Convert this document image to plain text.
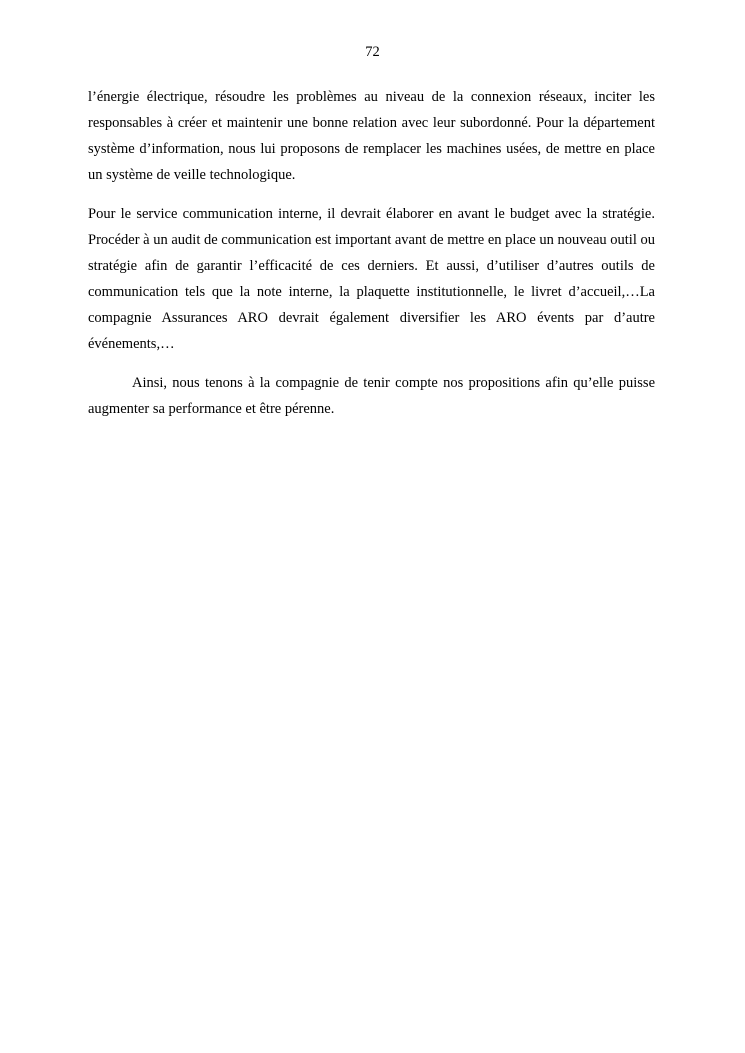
72

l’énergie électrique, résoudre les problèmes au niveau de la connexion réseaux, inciter les responsables à créer et maintenir une bonne relation avec leur subordonné. Pour la département système d’information, nous lui proposons de remplacer les machines usées, de mettre en place un système de veille technologique.

Pour le service communication interne, il devrait élaborer en avant le budget avec la stratégie. Procéder à un audit de communication est important avant de mettre en place un nouveau outil ou stratégie afin de garantir l’efficacité de ces derniers. Et aussi, d’utiliser d’autres outils de communication tels que la note interne, la plaquette institutionnelle, le livret d’accueil,…La compagnie Assurances ARO devrait également diversifier les ARO évents par d’autre événements,…

Ainsi, nous tenons à la compagnie de tenir compte nos propositions afin qu’elle puisse augmenter sa performance et être pérenne.
